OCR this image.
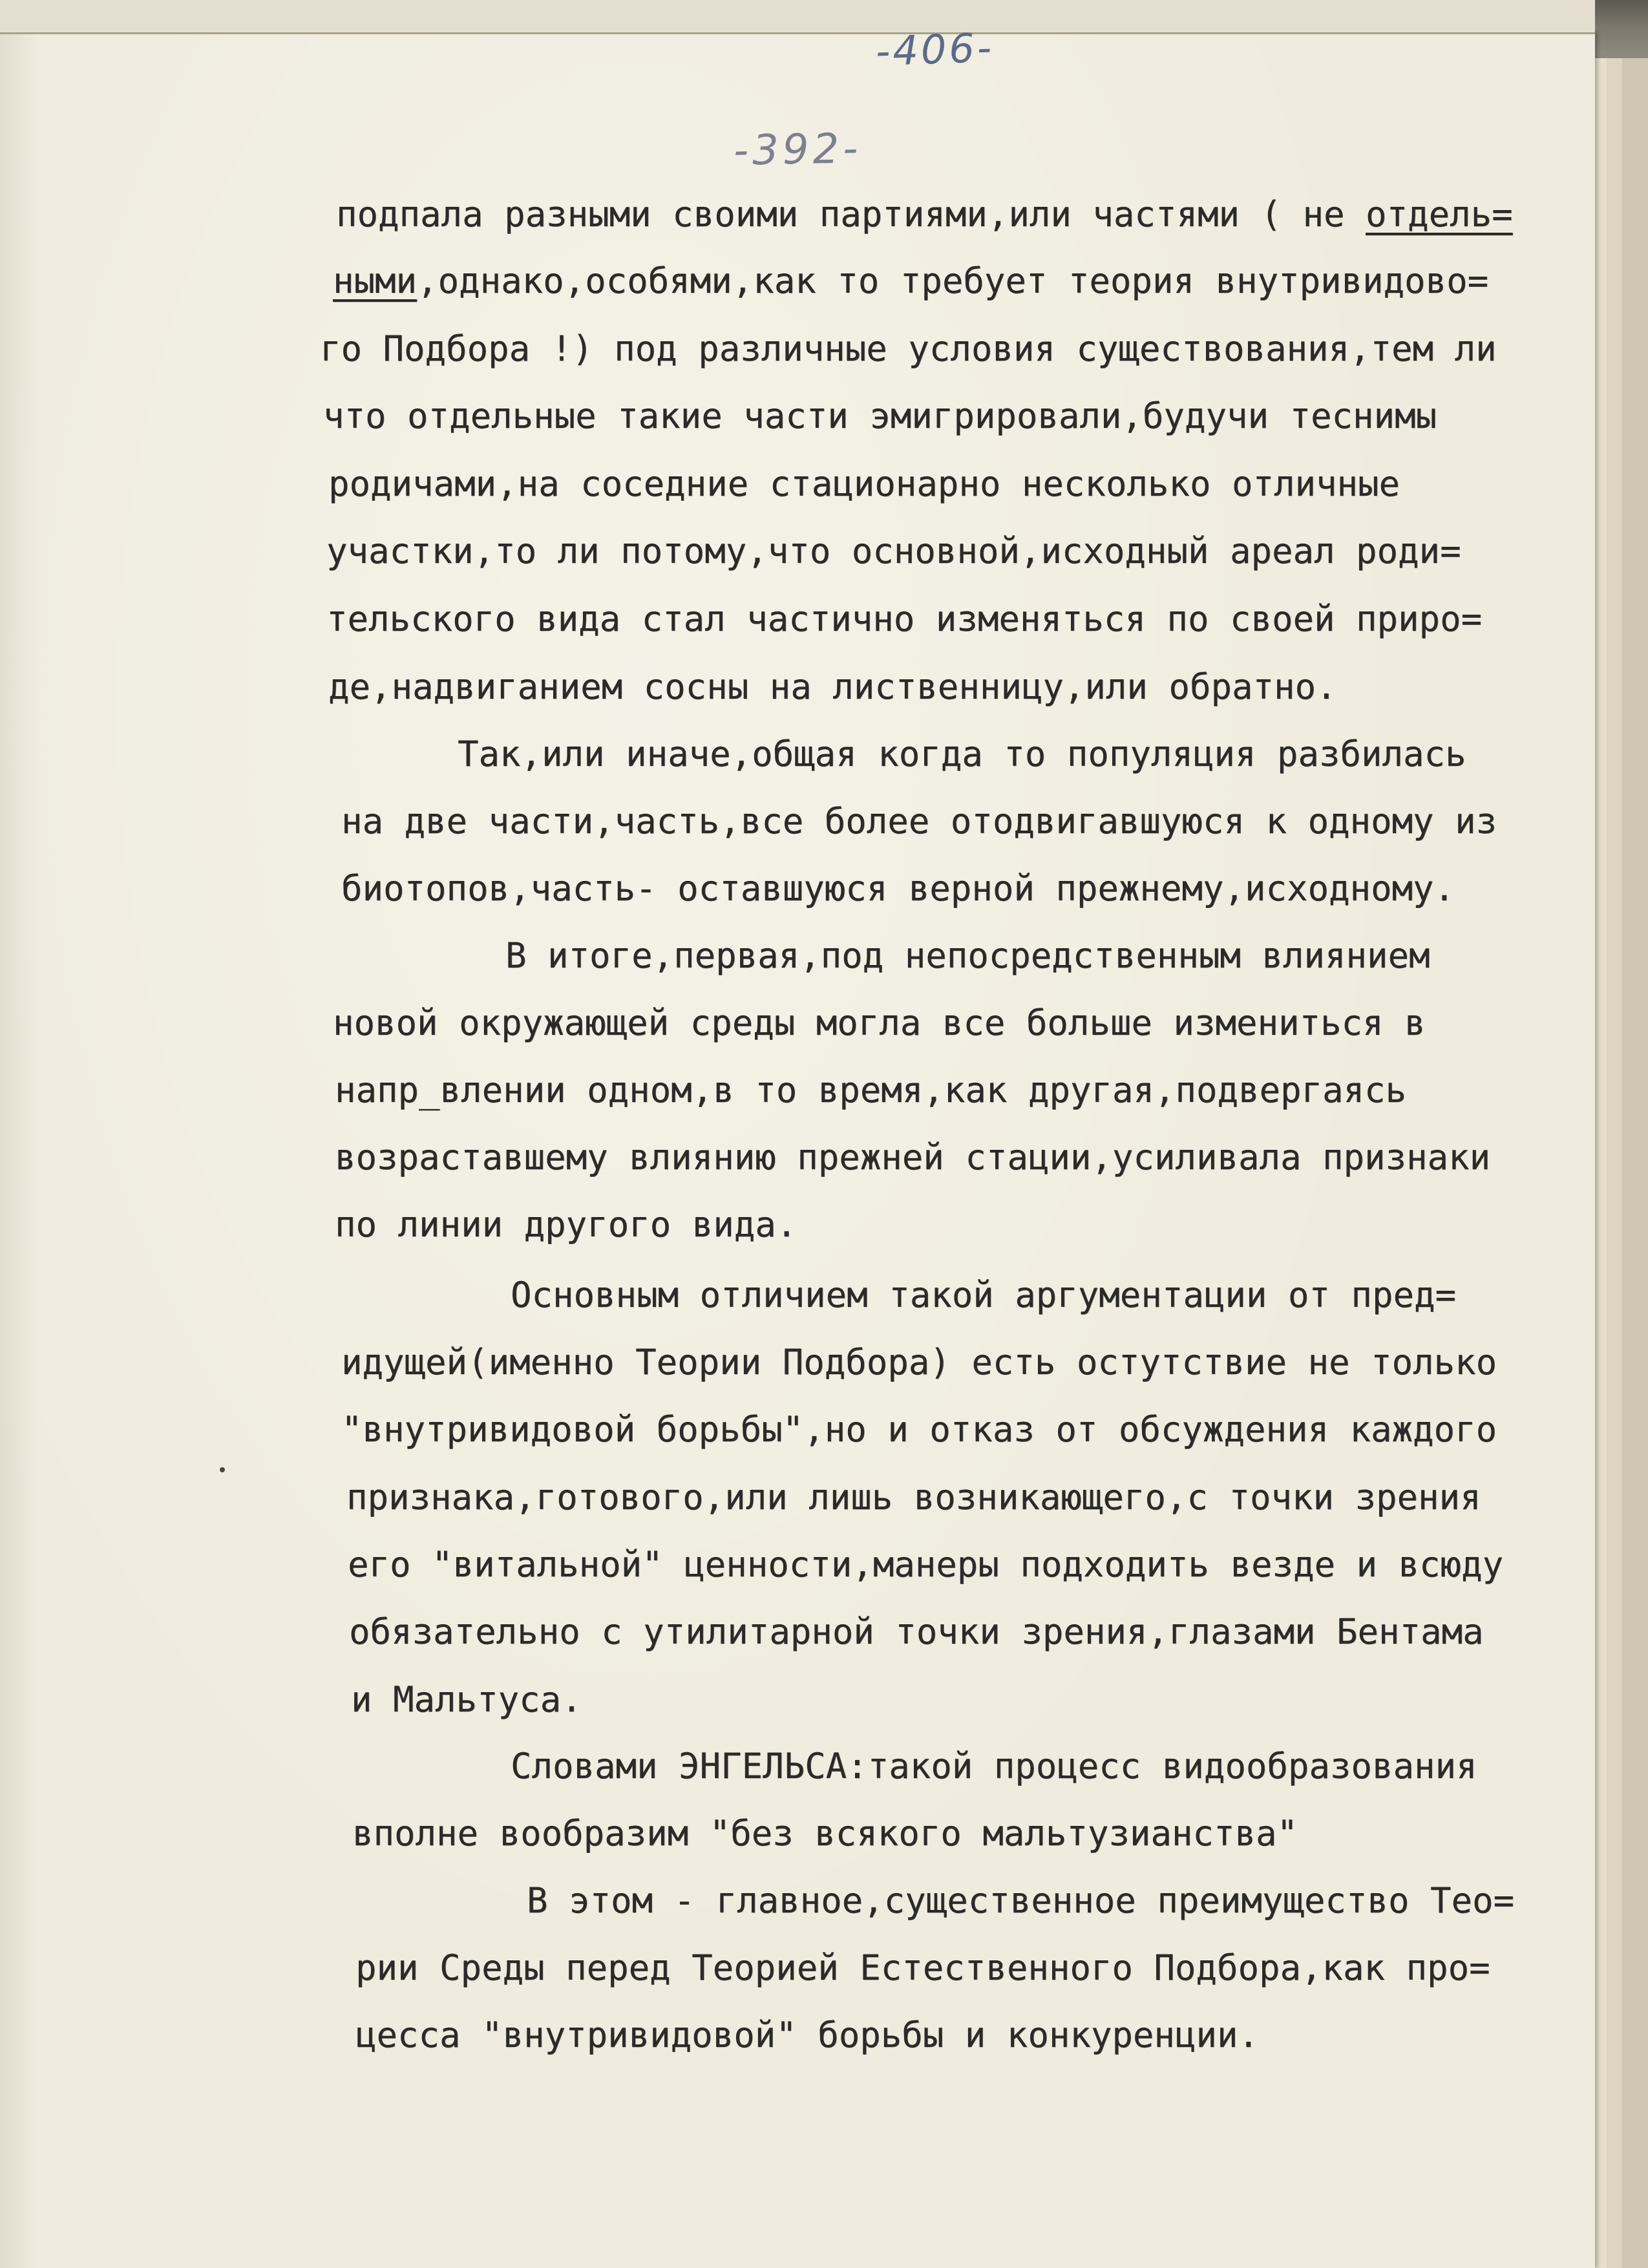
-406-
-392-
подпала разными своими партиями,или частями ( не отдель=
ными,однако,особями,как то требует теория внутривидово=
го Подбора !) под различные условия существования,тем ли
что отдельные такие части эмигрировали,будучи теснимы
родичами,на соседние стационарно несколько отличные
участки,то ли потому,что основной,исходный ареал роди=
тельского вида стал частично изменяться по своей приро=
де,надвиганием сосны на лиственницу,или обратно.
Так,или иначе,общая когда то популяция разбилась
на две части,часть,все более отодвигавшуюся к одному из
биотопов,часть- оставшуюся верной прежнему,исходному.
В итоге,первая,под непосредственным влиянием
новой окружающей среды могла все больше измениться в
напр_влении одном,в то время,как другая,подвергаясь
возраставшему влиянию прежней стации,усиливала признаки
по линии другого вида.
Основным отличием такой аргументации от пред=
идущей(именно Теории Подбора) есть остутствие не только
"внутривидовой борьбы",но и отказ от обсуждения каждого
признака,готового,или лишь возникающего,с точки зрения
его "витальной" ценности,манеры подходить везде и всюду
обязательно с утилитарной точки зрения,глазами Бентама
и Мальтуса.
Словами ЭНГЕЛЬСА:такой процесс видообразования
вполне вообразим "без всякого мальтузианства"
В этом - главное,существенное преимущество Тео=
рии Среды перед Теорией Естественного Подбора,как про=
цесса "внутривидовой" борьбы и конкуренции.
